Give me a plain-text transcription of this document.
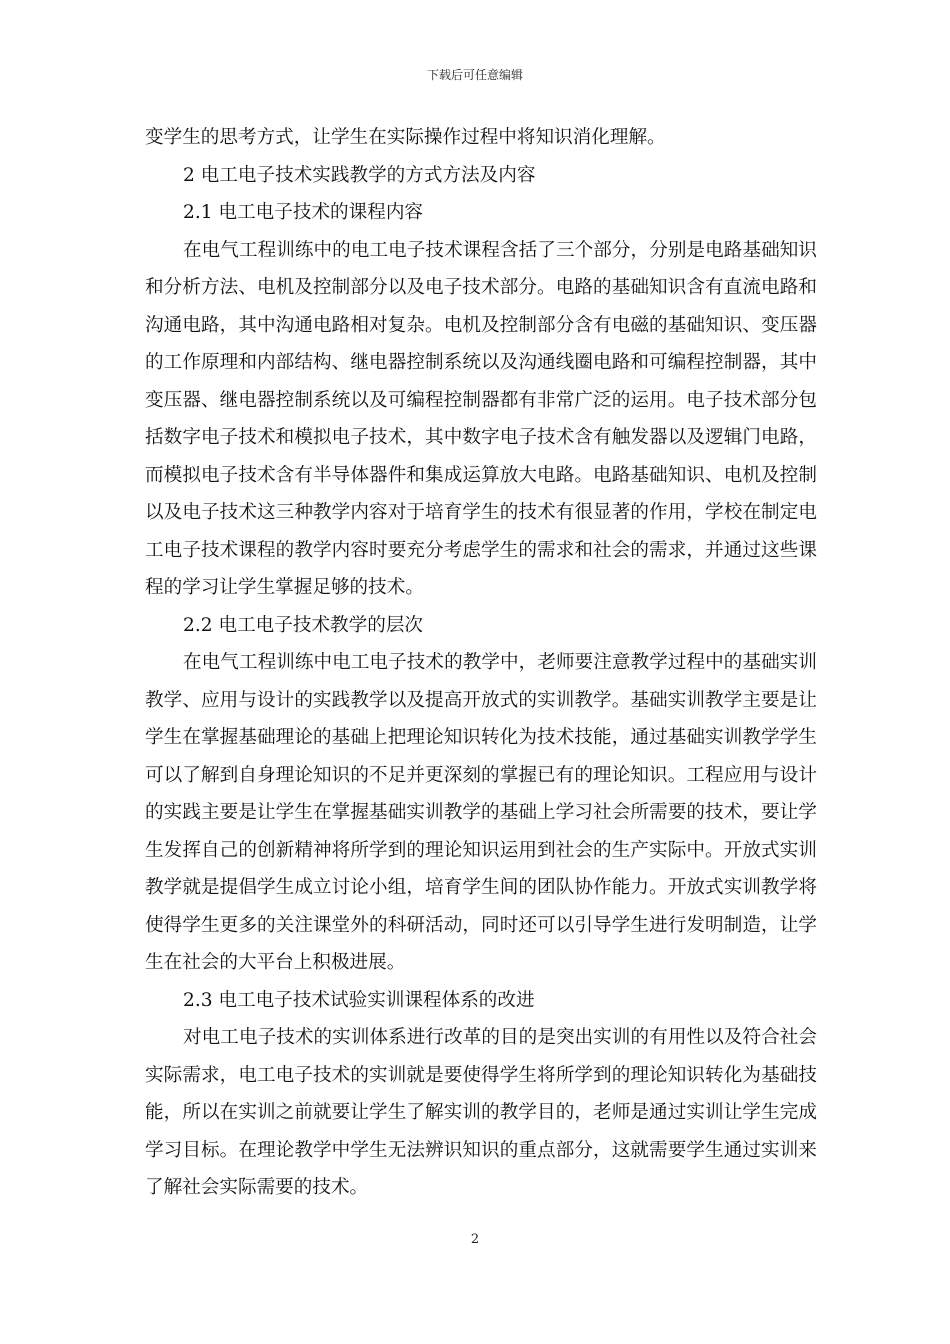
下载后可任意编辑

变学生的思考方式，让学生在实际操作过程中将知识消化理解。

2 电工电子技术实践教学的方式方法及内容

2.1 电工电子技术的课程内容

在电气工程训练中的电工电子技术课程含括了三个部分，分别是电路基础知识和分析方法、电机及控制部分以及电子技术部分。电路的基础知识含有直流电路和沟通电路，其中沟通电路相对复杂。电机及控制部分含有电磁的基础知识、变压器的工作原理和内部结构、继电器控制系统以及沟通线圈电路和可编程控制器，其中变压器、继电器控制系统以及可编程控制器都有非常广泛的运用。电子技术部分包括数字电子技术和模拟电子技术，其中数字电子技术含有触发器以及逻辑门电路，而模拟电子技术含有半导体器件和集成运算放大电路。电路基础知识、电机及控制以及电子技术这三种教学内容对于培育学生的技术有很显著的作用，学校在制定电工电子技术课程的教学内容时要充分考虑学生的需求和社会的需求，并通过这些课程的学习让学生掌握足够的技术。

2.2 电工电子技术教学的层次

在电气工程训练中电工电子技术的教学中，老师要注意教学过程中的基础实训教学、应用与设计的实践教学以及提高开放式的实训教学。基础实训教学主要是让学生在掌握基础理论的基础上把理论知识转化为技术技能，通过基础实训教学学生可以了解到自身理论知识的不足并更深刻的掌握已有的理论知识。工程应用与设计的实践主要是让学生在掌握基础实训教学的基础上学习社会所需要的技术，要让学生发挥自己的创新精神将所学到的理论知识运用到社会的生产实际中。开放式实训教学就是提倡学生成立讨论小组，培育学生间的团队协作能力。开放式实训教学将使得学生更多的关注课堂外的科研活动，同时还可以引导学生进行发明制造，让学生在社会的大平台上积极进展。

2.3 电工电子技术试验实训课程体系的改进

对电工电子技术的实训体系进行改革的目的是突出实训的有用性以及符合社会实际需求，电工电子技术的实训就是要使得学生将所学到的理论知识转化为基础技能，所以在实训之前就要让学生了解实训的教学目的，老师是通过实训让学生完成学习目标。在理论教学中学生无法辨识知识的重点部分，这就需要学生通过实训来了解社会实际需要的技术。

2
